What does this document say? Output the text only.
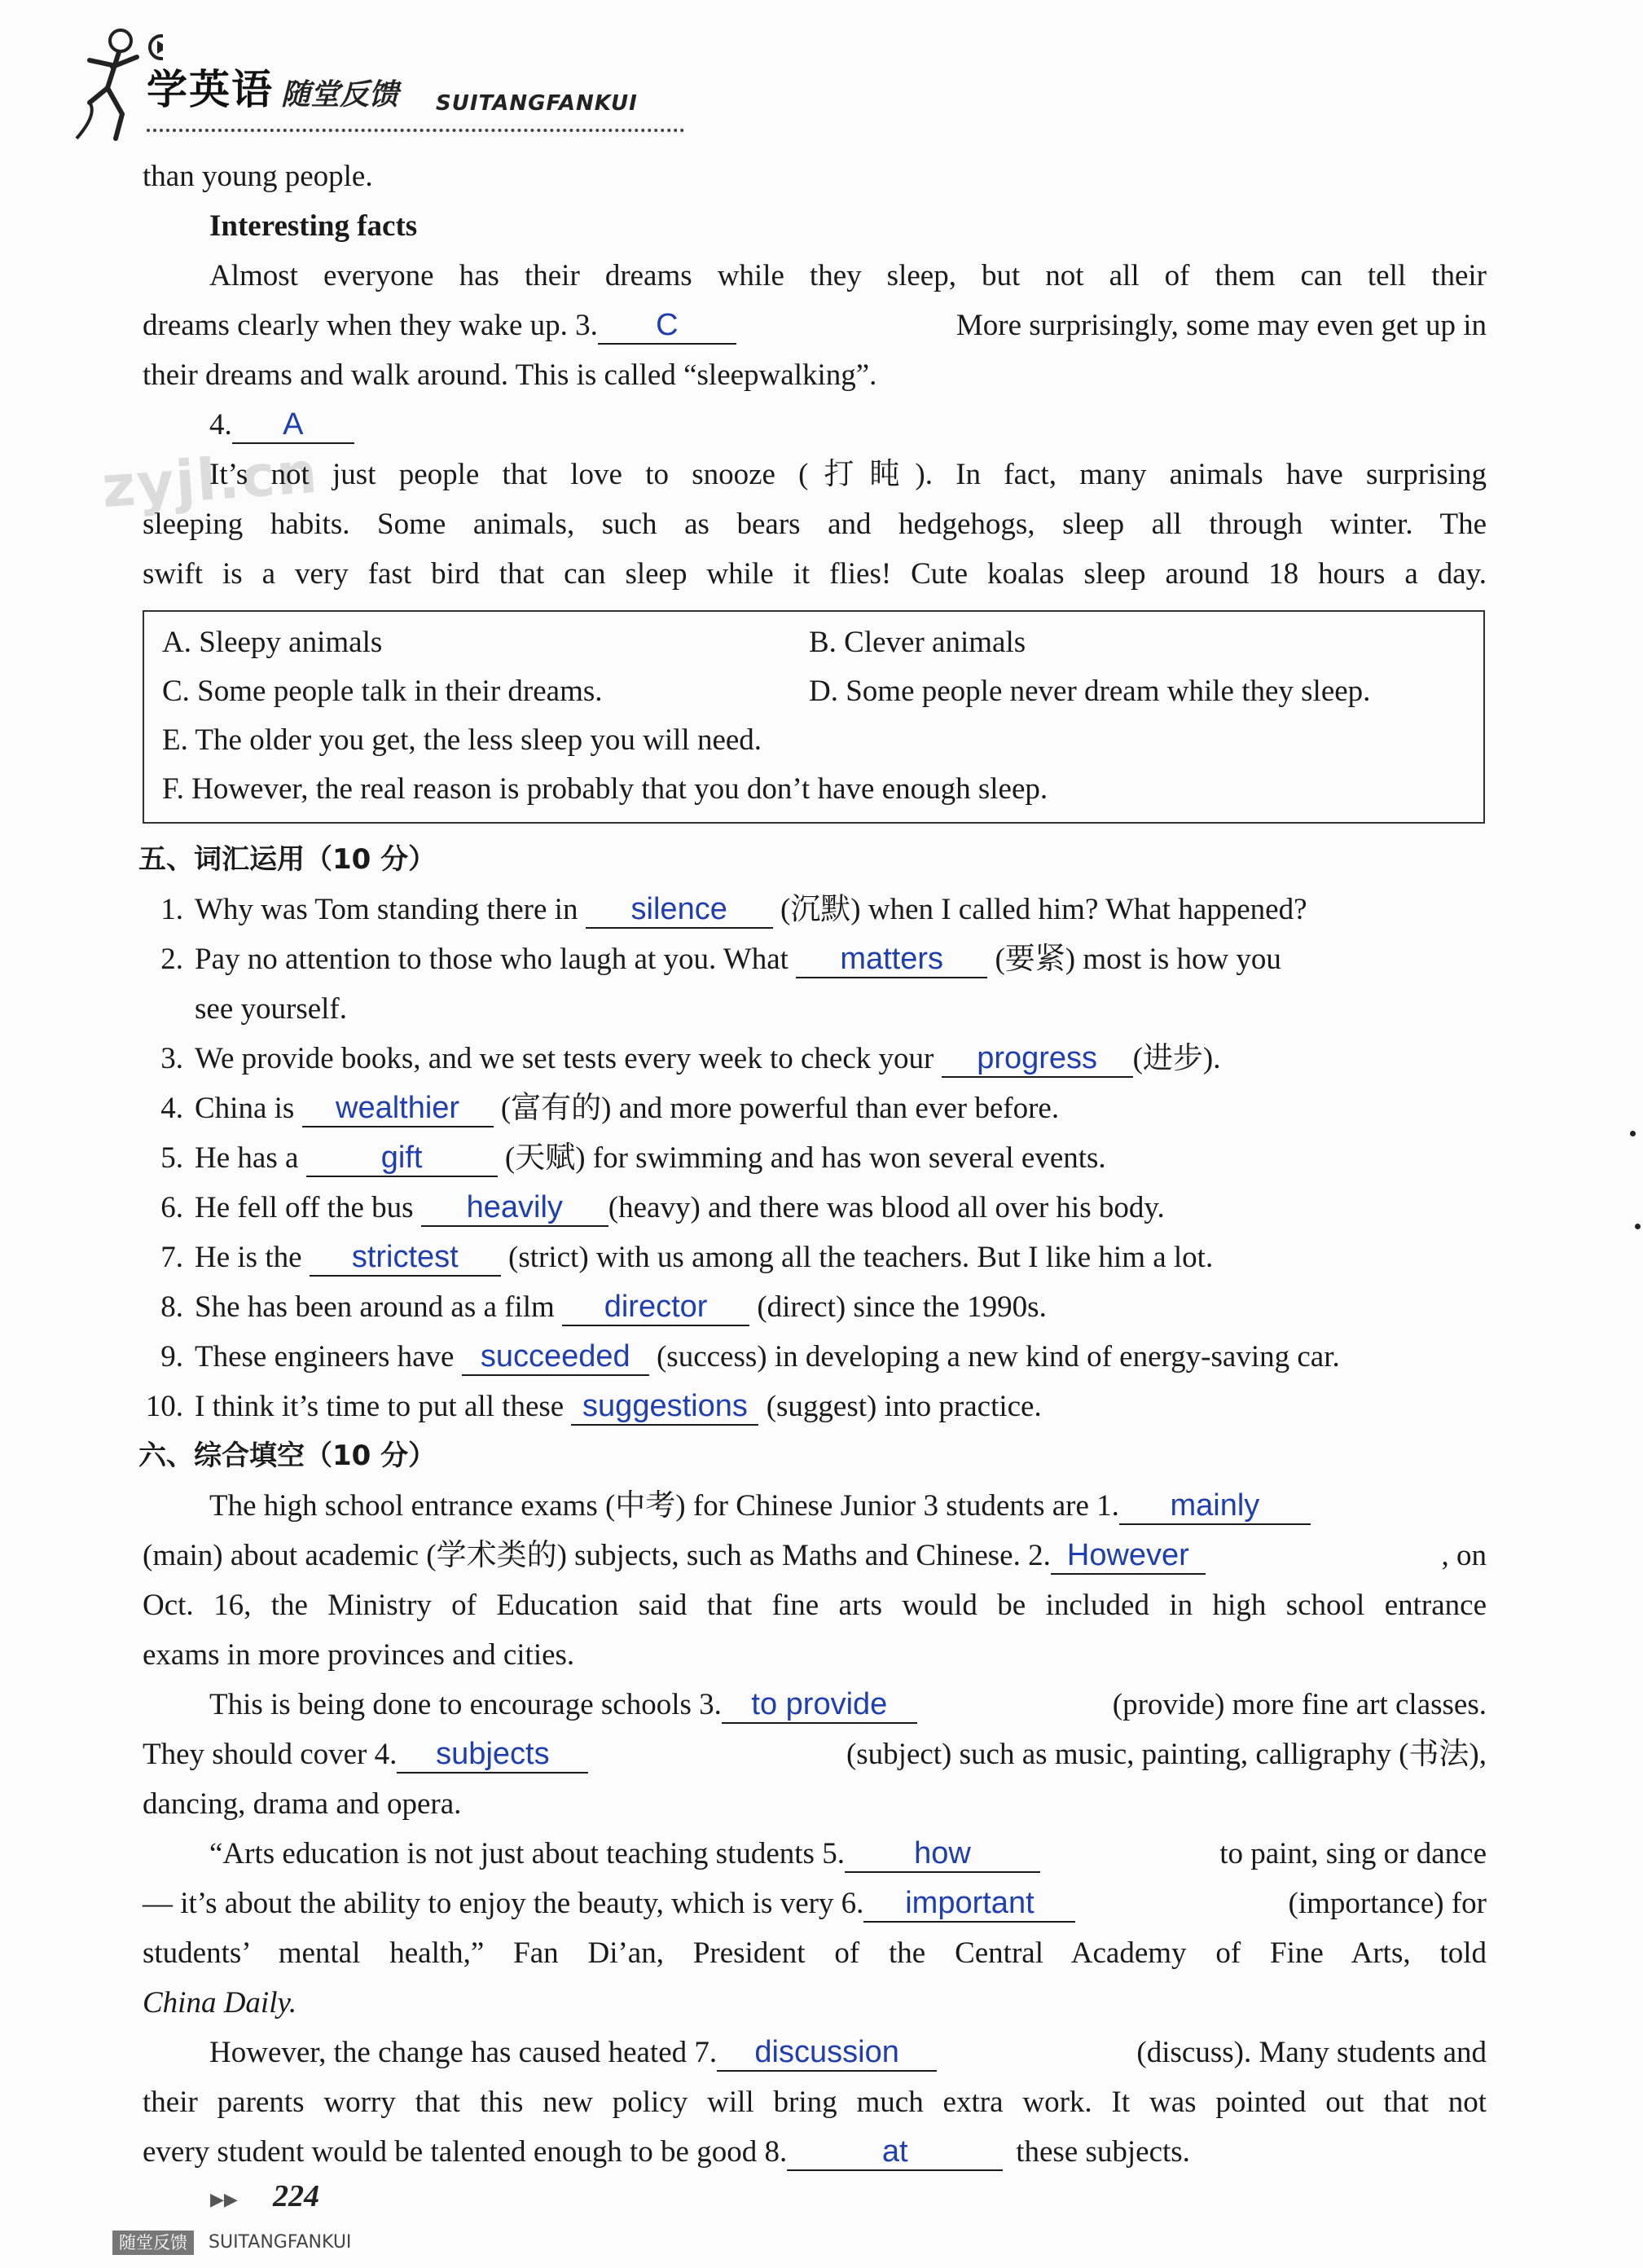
学英语 随堂反馈 SUITANGFANKUI
zyjl.cn
than young people.
Interesting facts
Almost everyone has their dreams while they sleep, but not all of them can tell their
dreams clearly when they wake up. 3. C	More surprisingly, some may even get up in
their dreams and walk around. This is called “sleepwalking”.
4. A
It’s not just people that love to snooze (打盹). In fact, many animals have surprising
sleeping habits. Some animals, such as bears and hedgehogs, sleep all through winter. The
swift is a very fast bird that can sleep while it flies! Cute koalas sleep around 18 hours a day.
A. Sleepy animals	B. Clever animals
C. Some people talk in their dreams.	D. Some people never dream while they sleep.
E. The older you get, the less sleep you will need.
F. However, the real reason is probably that you don’t have enough sleep.
五、词汇运用（10 分）
1. Why was Tom standing there in silence (沉默) when I called him? What happened?
2. Pay no attention to those who laugh at you. What matters (要紧) most is how you
see yourself.
3. We provide books, and we set tests every week to check your progress (进步).
4. China is wealthier (富有的) and more powerful than ever before.
5. He has a	gift	(天赋) for swimming and has won several events.
6. He fell off the bus heavily (heavy) and there was blood all over his body.
7. He is the strictest (strict) with us among all the teachers. But I like him a lot.
8. She has been around as a film director (direct) since the 1990s.
9. These engineers have succeeded (success) in developing a new kind of energy-saving car.
10. I think it’s time to put all these suggestions (suggest) into practice.
六、综合填空（10 分）
The high school entrance exams (中考) for Chinese Junior 3 students are 1. mainly
(main) about academic (学术类的) subjects, such as Maths and Chinese. 2. However	, on
Oct. 16, the Ministry of Education said that fine arts would be included in high school entrance
exams in more provinces and cities.
This is being done to encourage schools 3. to provide	(provide) more fine art classes.
They should cover 4. subjects	(subject) such as music, painting, calligraphy (书法),
dancing, drama and opera.
“Arts education is not just about teaching students 5. how	to paint, sing or dance
— it’s about the ability to enjoy the beauty, which is very 6. important	(importance) for
students’ mental health,” Fan Di’an, President of the Central Academy of Fine Arts, told
China Daily.
However, the change has caused heated 7. discussion	(discuss). Many students and
their parents worry that this new policy will bring much extra work. It was pointed out that not
every student would be talented enough to be good 8.	at	these subjects.
▶▶ 224
随堂反馈	SUITANGFANKUI
